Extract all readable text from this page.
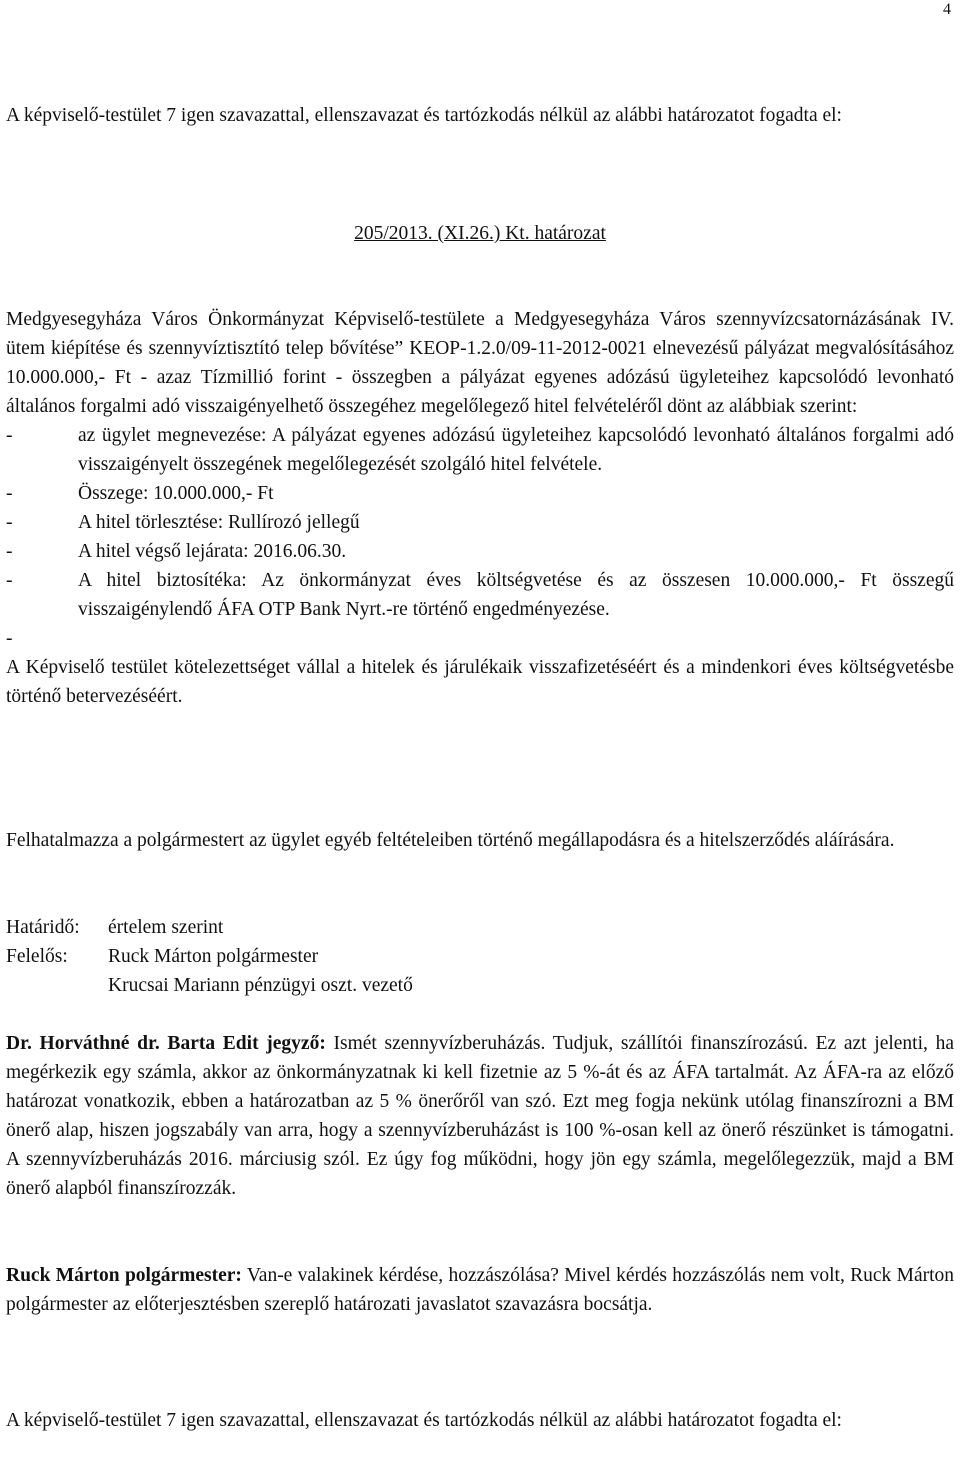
4

A képviselő-testület 7 igen szavazattal, ellenszavazat és tartózkodás nélkül az alábbi határozatot fogadta el:

205/2013. (XI.26.) Kt. határozat

Medgyesegyháza Város Önkormányzat Képviselő-testülete a Medgyesegyháza Város szennyvízcsatornázásának IV. ütem kiépítése és szennyvíztisztító telep bővítése” KEOP-1.2.0/09-11-2012-0021 elnevezésű pályázat megvalósításához 10.000.000,- Ft - azaz Tízmillió forint - összegben a pályázat egyenes adózású ügyleteihez kapcsolódó levonható általános forgalmi adó visszaigényelhető összegéhez megelőlegező hitel felvételéről dönt az alábbiak szerint:

- az ügylet megnevezése: A pályázat egyenes adózású ügyleteihez kapcsolódó levonható általános forgalmi adó visszaigényelt összegének megelőlegezését szolgáló hitel felvétele.
- Összege: 10.000.000,- Ft
- A hitel törlesztése: Rullírozó jellegű
- A hitel végső lejárata: 2016.06.30.
- A hitel biztosítéka: Az önkormányzat éves költségvetése és az összesen 10.000.000,- Ft összegű visszaigénylendő ÁFA OTP Bank Nyrt.-re történő engedményezése.

-

A Képviselő testület kötelezettséget vállal a hitelek és járulékaik visszafizetéséért és a mindenkori éves költségvetésbe történő betervezéséért.

Felhatalmazza a polgármestert az ügylet egyéb feltételeiben történő megállapodásra és a hitelszerződés aláírására.

Határidő: értelem szerint

Felelős: Ruck Márton polgármester

Krucsai Mariann pénzügyi oszt. vezető

Dr. Horváthné dr. Barta Edit jegyző: Ismét szennyvízberuházás. Tudjuk, szállítói finanszírozású. Ez azt jelenti, ha megérkezik egy számla, akkor az önkormányzatnak ki kell fizetnie az 5 %-át és az ÁFA tartalmát. Az ÁFA-ra az előző határozat vonatkozik, ebben a határozatban az 5 % önerőről van szó. Ezt meg fogja nekünk utólag finanszírozni a BM önerő alap, hiszen jogszabály van arra, hogy a szennyvízberuházást is 100 %-osan kell az önerő részünket is támogatni. A szennyvízberuházás 2016. márciusig szól. Ez úgy fog működni, hogy jön egy számla, megelőlegezzük, majd a BM önerő alapból finanszírozzák.

Ruck Márton polgármester: Van-e valakinek kérdése, hozzászólása? Mivel kérdés hozzászólás nem volt, Ruck Márton polgármester az előterjesztésben szereplő határozati javaslatot szavazásra bocsátja.

A képviselő-testület 7 igen szavazattal, ellenszavazat és tartózkodás nélkül az alábbi határozatot fogadta el:
